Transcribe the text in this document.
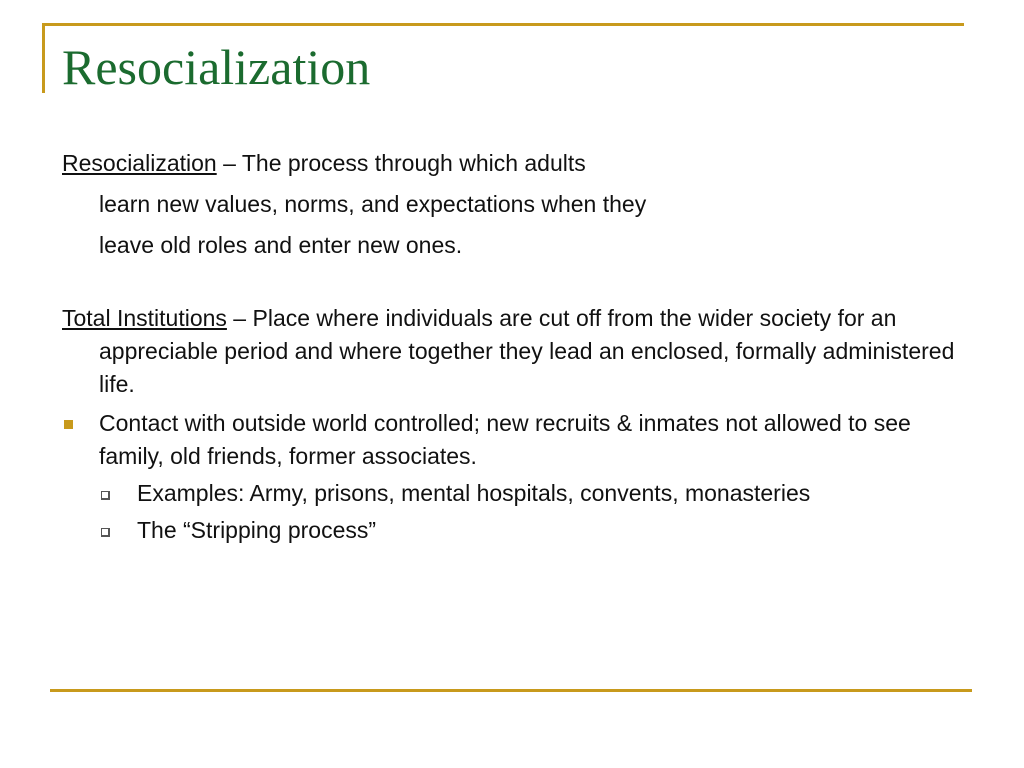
Resocialization
Resocialization – The process through which adults
learn new values, norms, and expectations when they
leave old roles and enter new ones.
Total Institutions – Place where individuals are cut off from the wider society for an appreciable period and where together they lead an enclosed, formally administered life.
Contact with outside world controlled; new recruits & inmates not allowed to see family, old friends, former associates.
Examples: Army, prisons, mental hospitals, convents, monasteries
The “Stripping process”
